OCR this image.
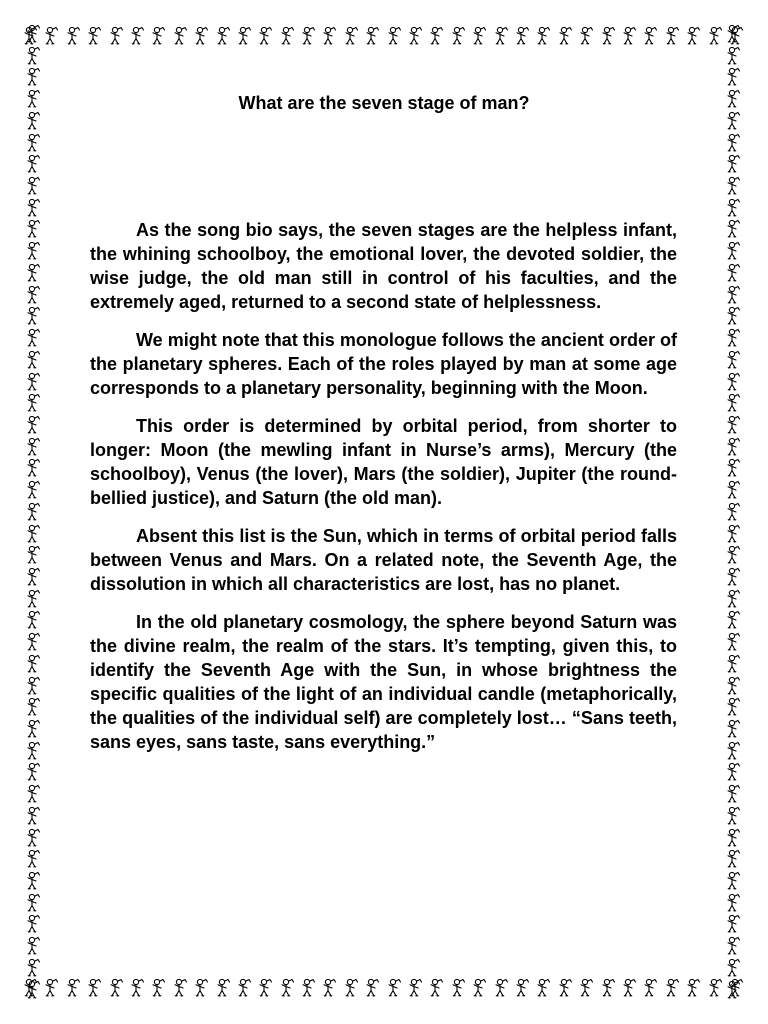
What are the seven stage of man?

As the song bio says, the seven stages are the helpless infant, the whining schoolboy, the emotional lover, the devoted soldier, the wise judge, the old man still in control of his faculties, and the extremely aged, returned to a second state of helplessness.

We might note that this monologue follows the ancient order of the planetary spheres. Each of the roles played by man at some age corresponds to a planetary personality, beginning with the Moon.

This order is determined by orbital period, from shorter to longer: Moon (the mewling infant in Nurse’s arms), Mercury (the schoolboy), Venus (the lover), Mars (the soldier), Jupiter (the round-bellied justice), and Saturn (the old man).

Absent this list is the Sun, which in terms of orbital period falls between Venus and Mars. On a related note, the Seventh Age, the dissolution in which all characteristics are lost, has no planet.

In the old planetary cosmology, the sphere beyond Saturn was the divine realm, the realm of the stars. It’s tempting, given this, to identify the Seventh Age with the Sun, in whose brightness the specific qualities of the light of an individual candle (metaphorically, the qualities of the individual self) are completely lost… “Sans teeth, sans eyes, sans taste, sans everything.”
